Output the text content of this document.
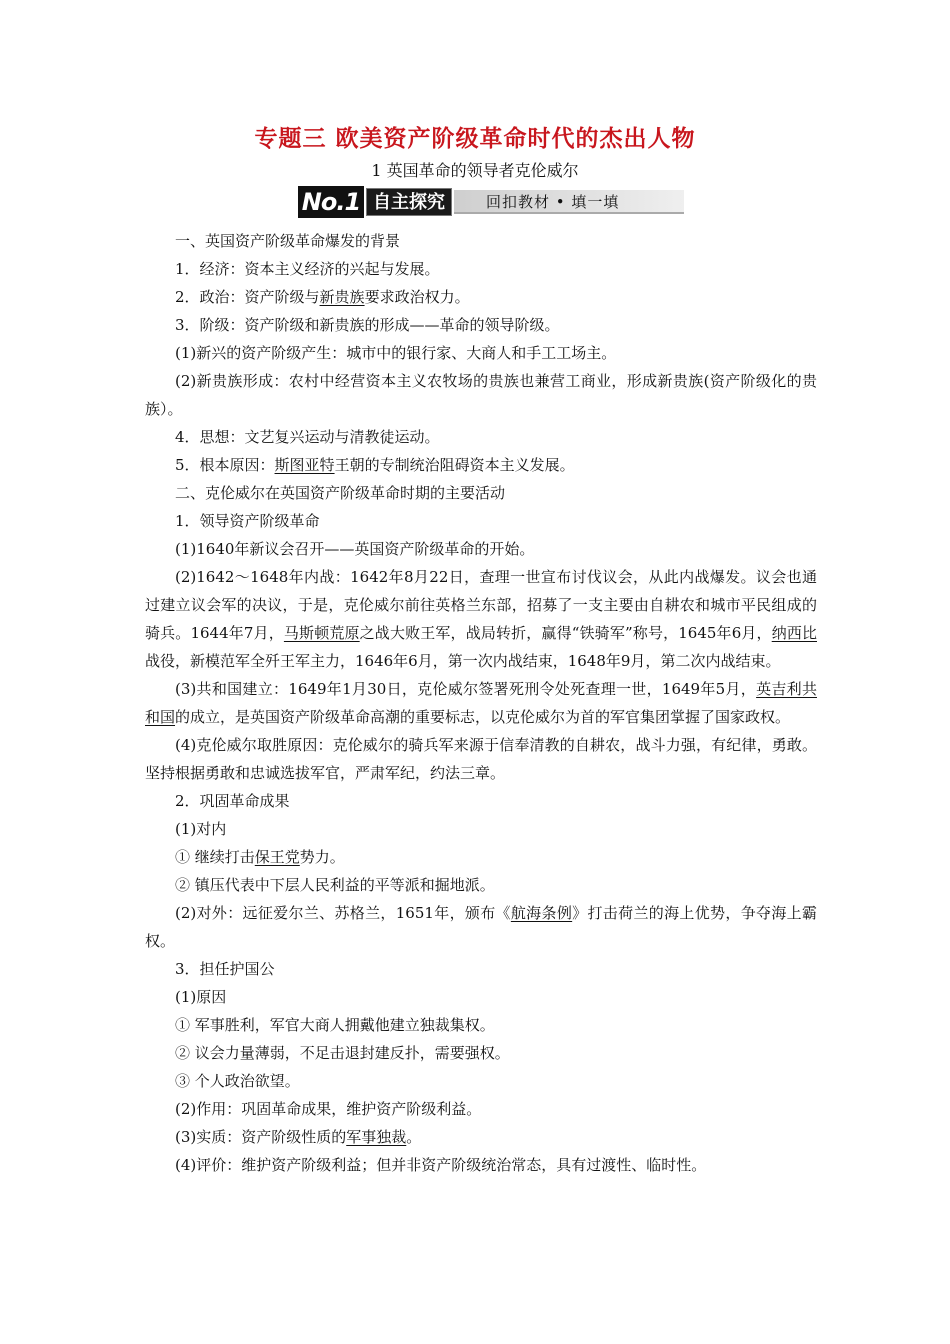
专题三 欧美资产阶级革命时代的杰出人物
1 英国革命的领导者克伦威尔
No.1 自主探究	回扣教材 • 填一填

一、英国资产阶级革命爆发的背景

1．经济：资本主义经济的兴起与发展。

2．政治：资产阶级与新贵族要求政治权力。

3．阶级：资产阶级和新贵族的形成——革命的领导阶级。

(1)新兴的资产阶级产生：城市中的银行家、大商人和手工工场主。

(2)新贵族形成：农村中经营资本主义农牧场的贵族也兼营工商业，形成新贵族(资产阶级化的贵族）。

4．思想：文艺复兴运动与清教徒运动。

5．根本原因：斯图亚特王朝的专制统治阻碍资本主义发展。

二、克伦威尔在英国资产阶级革命时期的主要活动

1．领导资产阶级革命

(1)1640年新议会召开——英国资产阶级革命的开始。

(2)1642～1648年内战：1642年8月22日，查理一世宣布讨伐议会，从此内战爆发。议会也通过建立议会军的决议，于是，克伦威尔前往英格兰东部，招募了一支主要由自耕农和城市平民组成的骑兵。1644年7月，马斯顿荒原之战大败王军，战局转折，赢得“铁骑军”称号，1645年6月，纳西比战役，新模范军全歼王军主力，1646年6月，第一次内战结束，1648年9月，第二次内战结束。

(3)共和国建立：1649年1月30日，克伦威尔签署死刑令处死查理一世，1649年5月，英吉利共和国的成立，是英国资产阶级革命高潮的重要标志，以克伦威尔为首的军官集团掌握了国家政权。

(4)克伦威尔取胜原因：克伦威尔的骑兵军来源于信奉清教的自耕农，战斗力强，有纪律，勇敢。坚持根据勇敢和忠诚选拔军官，严肃军纪，约法三章。

2．巩固革命成果

(1)对内

① 继续打击保王党势力。

② 镇压代表中下层人民利益的平等派和掘地派。

(2)对外：远征爱尔兰、苏格兰，1651年，颁布《航海条例》打击荷兰的海上优势，争夺海上霸权。

3．担任护国公

(1)原因

① 军事胜利，军官大商人拥戴他建立独裁集权。

② 议会力量薄弱，不足击退封建反扑，需要强权。

③ 个人政治欲望。

(2)作用：巩固革命成果，维护资产阶级利益。

(3)实质：资产阶级性质的军事独裁。

(4)评价：维护资产阶级利益；但并非资产阶级统治常态，具有过渡性、临时性。
